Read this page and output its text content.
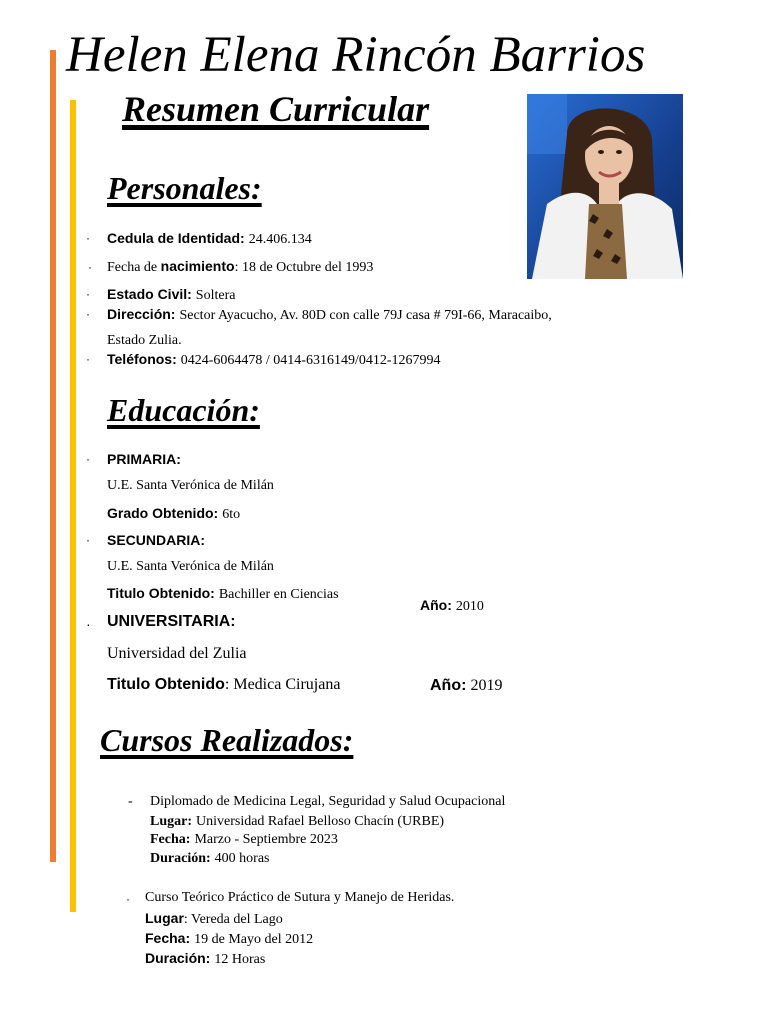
Helen Elena Rincón Barrios
Resumen Curricular
Personales:
· Cedula de Identidad: 24.406.134
· Fecha de nacimiento: 18 de Octubre del 1993
· Estado Civil: Soltera
· Dirección: Sector Ayacucho, Av. 80D con calle 79J casa # 79I-66, Maracaibo,
Estado Zulia.
· Teléfonos: 0424-6064478 / 0414-6316149/0412-1267994
Educación:
· PRIMARIA:
U.E. Santa Verónica de Milán
Grado Obtenido: 6to
· SECUNDARIA:
U.E. Santa Verónica de Milán
Titulo Obtenido: Bachiller en Ciencias
Año: 2010
· UNIVERSITARIA:
Universidad del Zulia
Titulo Obtenido: Medica Cirujana	Año: 2019
Cursos Realizados:
- Diplomado de Medicina Legal, Seguridad y Salud Ocupacional
Lugar: Universidad Rafael Belloso Chacín (URBE)
Fecha: Marzo - Septiembre 2023
Duración: 400 horas
· Curso Teórico Práctico de Sutura y Manejo de Heridas.
Lugar: Vereda del Lago
Fecha: 19 de Mayo del 2012
Duración: 12 Horas
